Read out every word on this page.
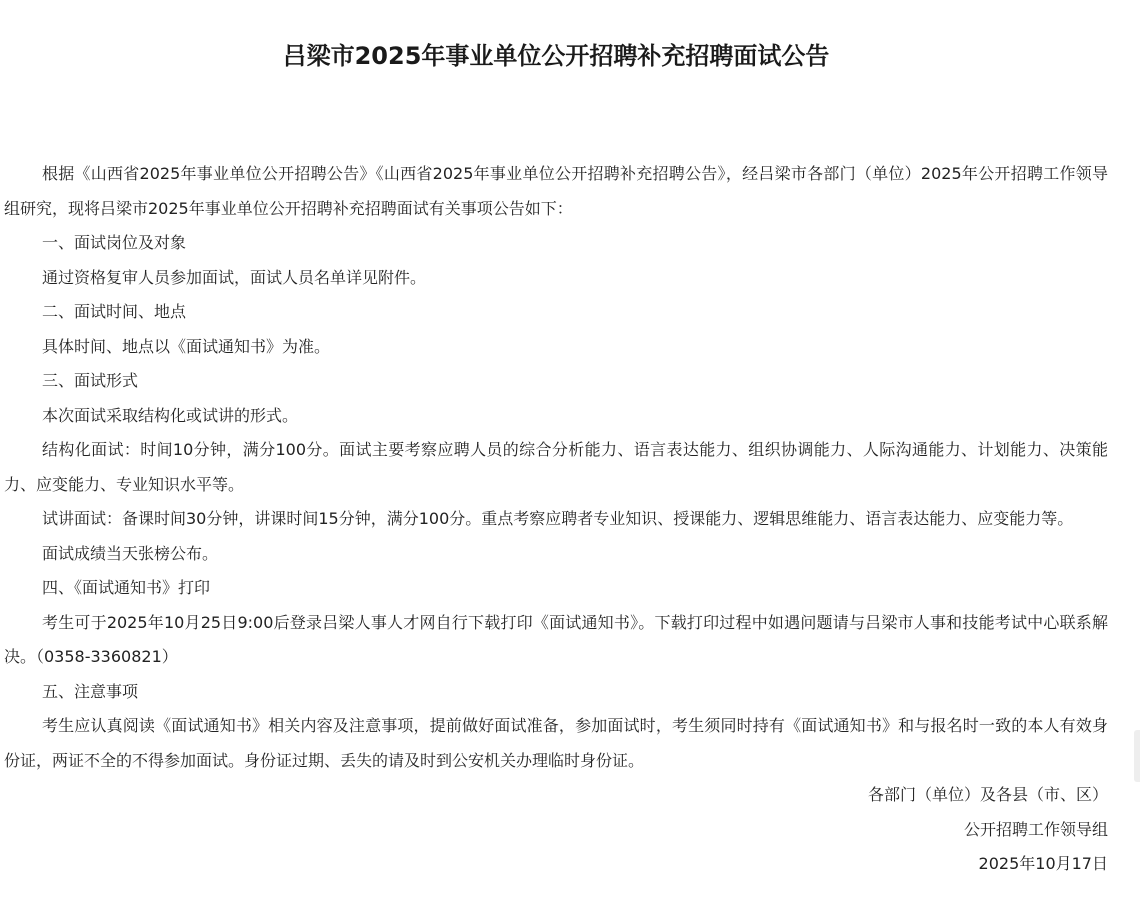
吕梁市2025年事业单位公开招聘补充招聘面试公告

根据《山西省2025年事业单位公开招聘公告》《山西省2025年事业单位公开招聘补充招聘公告》，经吕梁市各部门（单位）2025年公开招聘工作领导组研究，现将吕梁市2025年事业单位公开招聘补充招聘面试有关事项公告如下：

一、面试岗位及对象

通过资格复审人员参加面试，面试人员名单详见附件。

二、面试时间、地点

具体时间、地点以《面试通知书》为准。

三、面试形式

本次面试采取结构化或试讲的形式。

结构化面试：时间10分钟，满分100分。面试主要考察应聘人员的综合分析能力、语言表达能力、组织协调能力、人际沟通能力、计划能力、决策能力、应变能力、专业知识水平等。

试讲面试：备课时间30分钟，讲课时间15分钟，满分100分。重点考察应聘者专业知识、授课能力、逻辑思维能力、语言表达能力、应变能力等。

面试成绩当天张榜公布。

四、《面试通知书》打印

考生可于2025年10月25日9:00后登录吕梁人事人才网自行下载打印《面试通知书》。下载打印过程中如遇问题请与吕梁市人事和技能考试中心联系解决。（0358-3360821）

五、注意事项

考生应认真阅读《面试通知书》相关内容及注意事项，提前做好面试准备，参加面试时，考生须同时持有《面试通知书》和与报名时一致的本人有效身份证，两证不全的不得参加面试。身份证过期、丢失的请及时到公安机关办理临时身份证。

各部门（单位）及各县（市、区）

公开招聘工作领导组

2025年10月17日
